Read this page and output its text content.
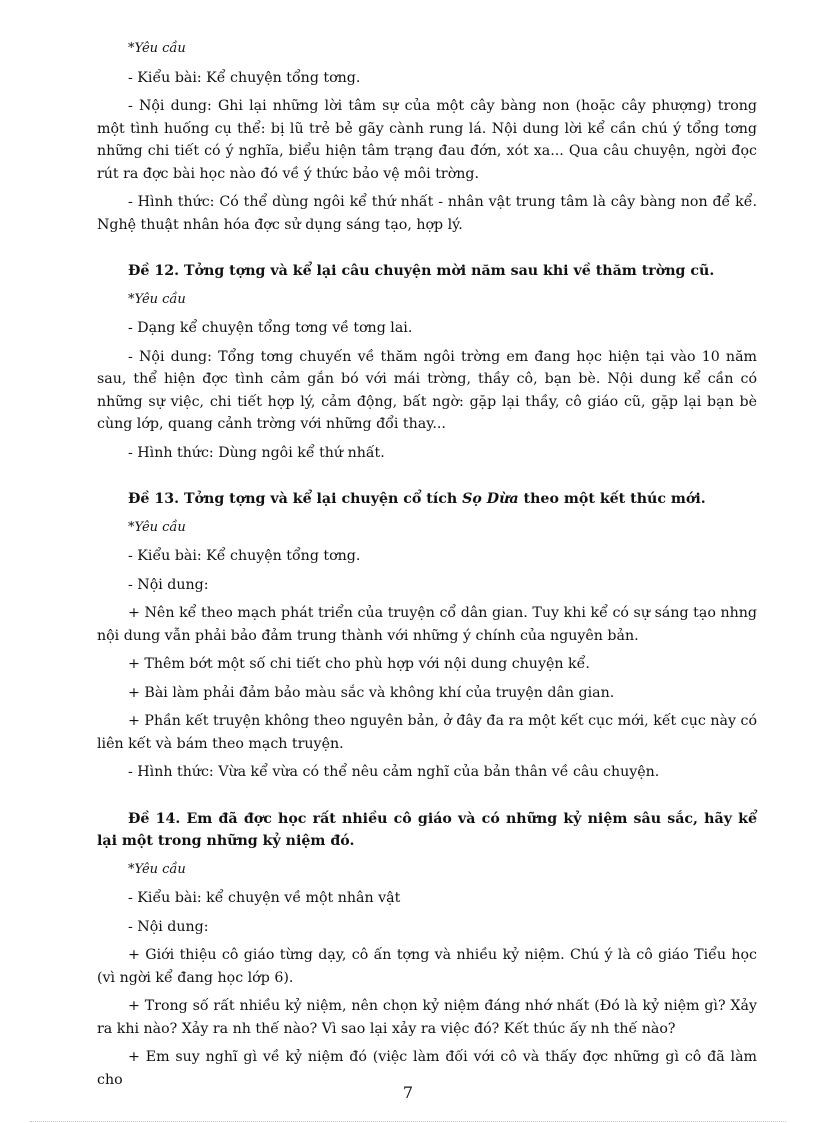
*Yêu cầu

- Kiểu bài: Kể chuyện tổng tơng.

- Nội dung: Ghi lại những lời tâm sự của một cây bàng non (hoặc cây phượng) trong một tình huống cụ thể: bị lũ trẻ bẻ gãy cành rung lá. Nội dung lời kể cần chú ý tổng tơng những chi tiết có ý nghĩa, biểu hiện tâm trạng đau đớn, xót xa... Qua câu chuyện, ngời đọc rút ra đợc bài học nào đó về ý thức bảo vệ môi trờng.

- Hình thức: Có thể dùng ngôi kể thứ nhất - nhân vật trung tâm là cây bàng non để kể. Nghệ thuật nhân hóa đợc sử dụng sáng tạo, hợp lý.

Đề 12. Tởng tợng và kể lại câu chuyện mời năm sau khi về thăm trờng cũ.

*Yêu cầu

- Dạng kể chuyện tổng tơng về tơng lai.

- Nội dung: Tổng tơng chuyến về thăm ngôi trờng em đang học hiện tại vào 10 năm sau, thể hiện đợc tình cảm gắn bó với mái trờng, thầy cô, bạn bè. Nội dung kể cần có những sự việc, chi tiết hợp lý, cảm động, bất ngờ: gặp lại thầy, cô giáo cũ, gặp lại bạn bè cùng lớp, quang cảnh trờng với những đổi thay...

- Hình thức: Dùng ngôi kể thứ nhất.

Đề 13. Tởng tợng và kể lại chuyện cổ tích Sọ Dừa theo một kết thúc mới.

*Yêu cầu

- Kiểu bài: Kể chuyện tổng tơng.

- Nội dung:

+ Nên kể theo mạch phát triển của truyện cổ dân gian. Tuy khi kể có sự sáng tạo nhng nội dung vẫn phải bảo đảm trung thành với những ý chính của nguyên bản.

+ Thêm bớt một số chi tiết cho phù hợp với nội dung chuyện kể.

+ Bài làm phải đảm bảo màu sắc và không khí của truyện dân gian.

+ Phần kết truyện không theo nguyên bản, ở đây đa ra một kết cục mới, kết cục này có liên kết và bám theo mạch truyện.

- Hình thức: Vừa kể vừa có thể nêu cảm nghĩ của bản thân về câu chuyện.

Đề 14. Em đã đợc học rất nhiều cô giáo và có những kỷ niệm sâu sắc, hãy kể lại một trong những kỷ niệm đó.

*Yêu cầu

- Kiểu bài: kể chuyện về một nhân vật

- Nội dung:

+ Giới thiệu cô giáo từng dạy, cô ấn tợng và nhiều kỷ niệm. Chú ý là cô giáo Tiểu học (vì ngời kể đang học lớp 6).

+ Trong số rất nhiều kỷ niệm, nên chọn kỷ niệm đáng nhớ nhất (Đó là kỷ niệm gì? Xảy ra khi nào? Xảy ra nh thế nào? Vì sao lại xảy ra việc đó? Kết thúc ấy nh thế nào?

+ Em suy nghĩ gì về kỷ niệm đó (việc làm đối với cô và thấy đợc những gì cô đã làm cho

7
